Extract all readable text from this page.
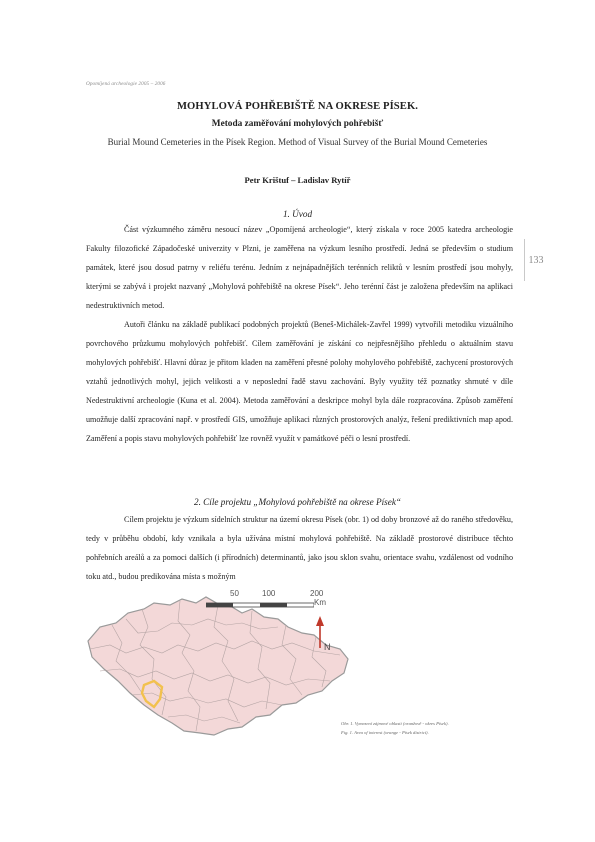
Opomíjená archeologie 2005 – 2006
133
MOHYLOVÁ POHŘEBIŠTĚ NA OKRESE PÍSEK.
Metoda zaměřování mohylových pohřebišť
Burial Mound Cemeteries in the Písek Region. Method of Visual Survey of the Burial Mound Cemeteries
Petr Krištuf – Ladislav Rytíř
1. Úvod

Část výzkumného záměru nesoucí název „Opomíjená archeologie“, který získala v roce 2005 katedra archeologie Fakulty filozofické Západočeské univerzity v Plzni, je zaměřena na výzkum lesního prostředí. Jedná se především o studium památek, které jsou dosud patrny v reliéfu terénu. Jedním z nejnápadnějších terénních reliktů v lesním prostředí jsou mohyly, kterými se zabývá i projekt nazvaný „Mohylová pohřebiště na okrese Písek“. Jeho terénní část je založena především na aplikaci nedestruktivních metod.

Autoři článku na základě publikací podobných projektů (Beneš-Michálek-Zavřel 1999) vytvořili metodiku vizuálního povrchového průzkumu mohylových pohřebišť. Cílem zaměřování je získání co nejpřesnějšího přehledu o aktuálním stavu mohylových pohřebišť. Hlavní důraz je přitom kladen na zaměření přesné polohy mohylového pohřebiště, zachycení prostorových vztahů jednotlivých mohyl, jejich velikosti a v neposlední řadě stavu zachování. Byly využity též poznatky shrnuté v díle Nedestruktivní archeologie (Kuna et al. 2004). Metoda zaměřování a deskripce mohyl byla dále rozpracována. Způsob zaměření umožňuje další zpracování např. v prostředí GIS, umožňuje aplikaci různých prostorových analýz, řešení prediktivních map apod. Zaměření a popis stavu mohylových pohřebišť lze rovněž využít v památkové péči o lesní prostředí.

2. Cíle projektu „Mohylová pohřebiště na okrese Písek“

Cílem projektu je výzkum sídelních struktur na území okresu Písek (obr. 1) od doby bronzové až do raného středověku, tedy v průběhu období, kdy vznikala a byla užívána místní mohylová pohřebiště. Na základě prostorové distribuce těchto pohřebních areálů a za pomoci dalších (i přírodních) determinantů, jako jsou sklon svahu, orientace svahu, vzdálenost od vodního toku atd., budou predikována místa s možným

50	100	200
Km
N
Obr. 1. Vymezení zájmové oblasti (oranžově - okres Písek).
Fig. 1. Area of interest (orange - Písek district).
